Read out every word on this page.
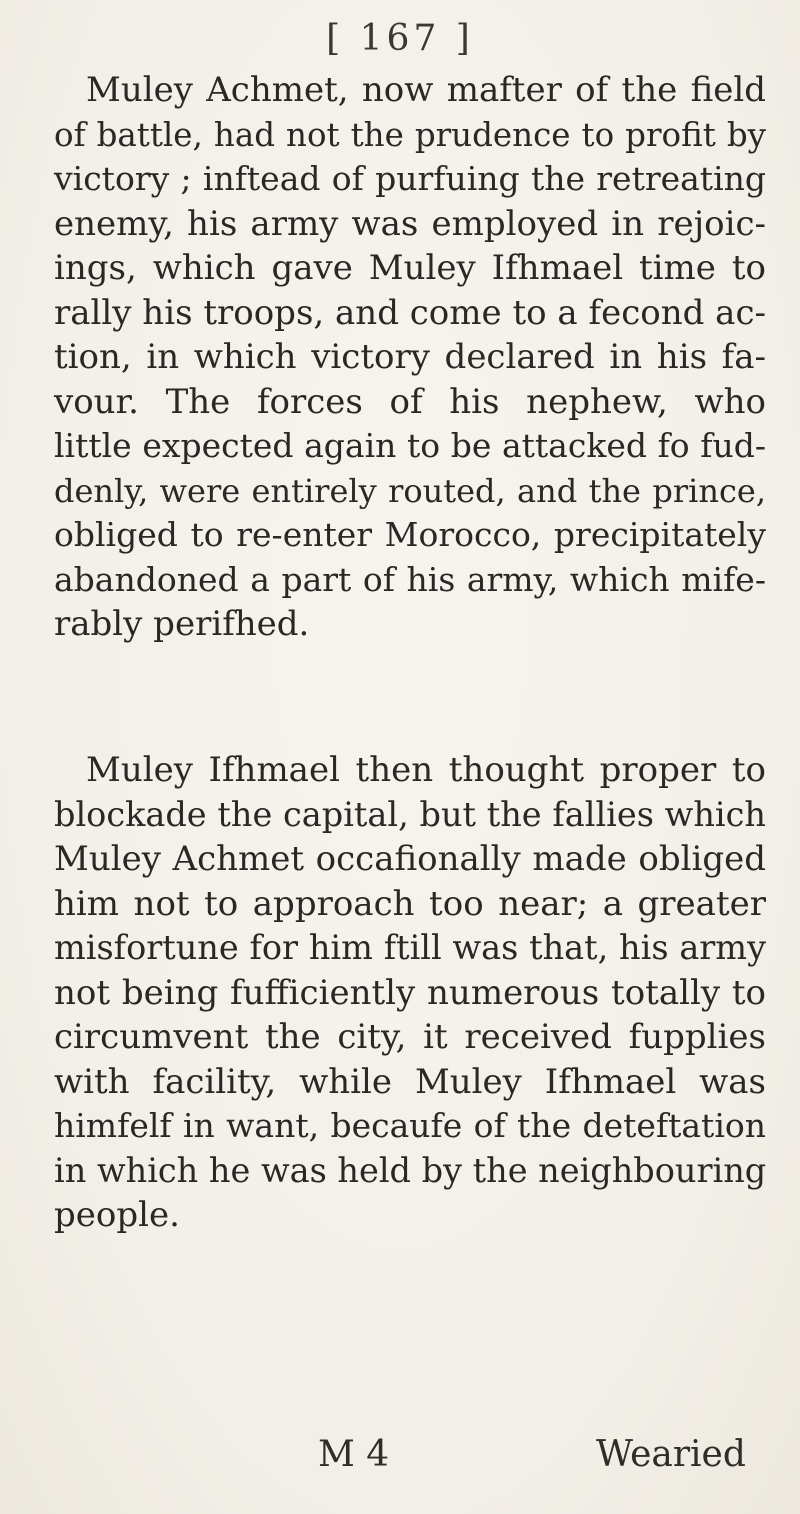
[ 167 ]
Muley Achmet, now mafter of the field
of battle, had not the prudence to profit by
victory ; inftead of purfuing the retreating
enemy, his army was employed in rejoic-
ings, which gave Muley Ifhmael time to
rally his troops, and come to a fecond ac-
tion, in which victory declared in his fa-
vour. The forces of his nephew, who
little expected again to be attacked fo fud-
denly, were entirely routed, and the prince,
obliged to re-enter Morocco, precipitately
abandoned a part of his army, which mife-
rably perifhed.
Muley Ifhmael then thought proper to
blockade the capital, but the fallies which
Muley Achmet occafionally made obliged
him not to approach too near; a greater
misfortune for him ftill was that, his army
not being fufficiently numerous totally to
circumvent the city, it received fupplies
with facility, while Muley Ifhmael was
himfelf in want, becaufe of the deteftation
in which he was held by the neighbouring
people.
M 4	Wearied
